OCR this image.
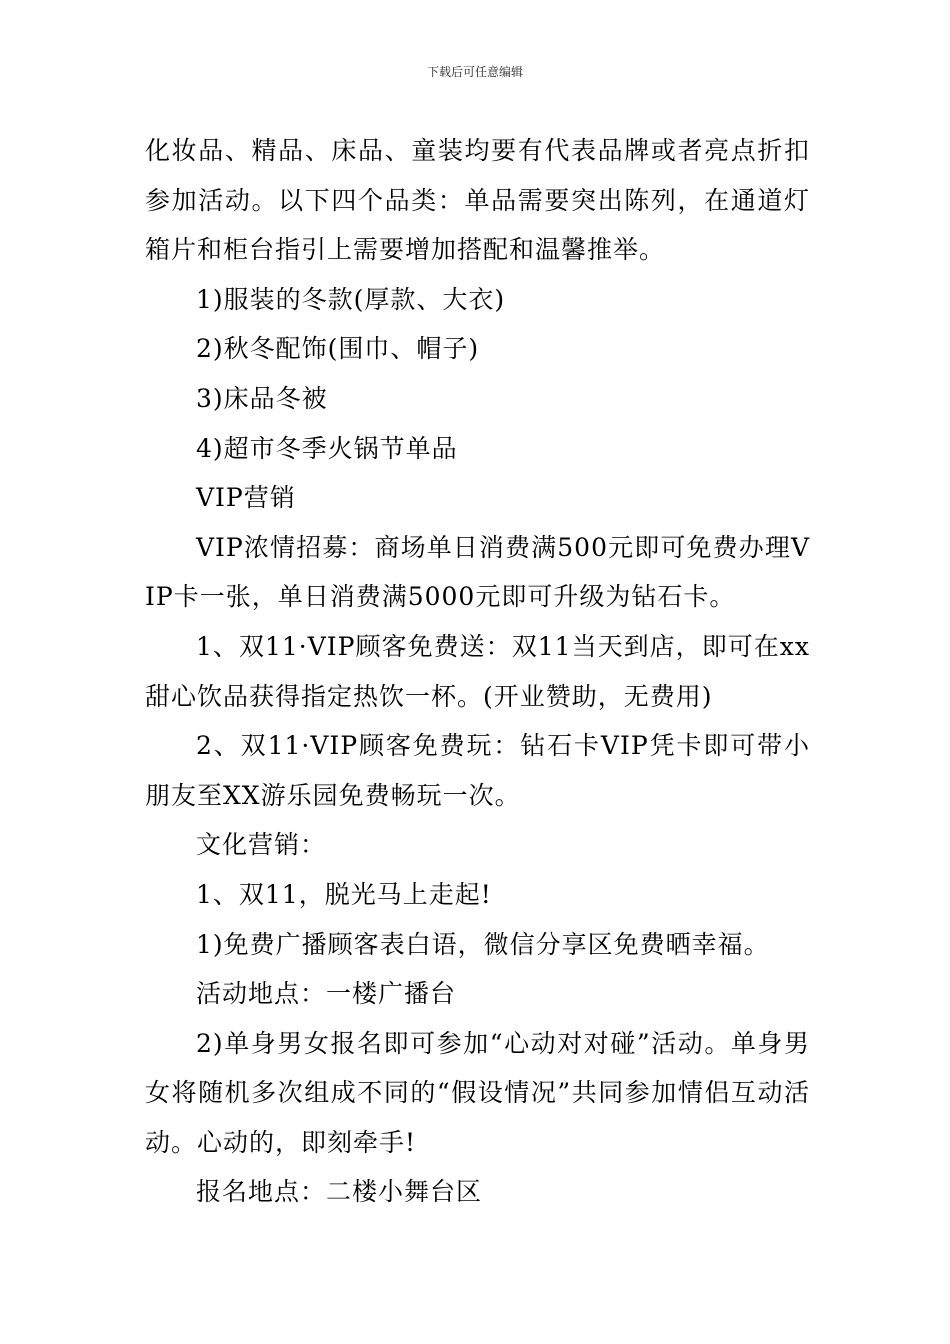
下载后可任意编辑

化妆品、精品、床品、童装均要有代表品牌或者亮点折扣参加活动。以下四个品类：单品需要突出陈列，在通道灯箱片和柜台指引上需要增加搭配和温馨推举。

1)服装的冬款(厚款、大衣)

2)秋冬配饰(围巾、帽子)

3)床品冬被

4)超市冬季火锅节单品

VIP营销

VIP浓情招募：商场单日消费满500元即可免费办理VIP卡一张，单日消费满5000元即可升级为钻石卡。

1、双11·VIP顾客免费送：双11当天到店，即可在xx甜心饮品获得指定热饮一杯。(开业赞助，无费用)

2、双11·VIP顾客免费玩：钻石卡VIP凭卡即可带小朋友至XX游乐园免费畅玩一次。

文化营销：

1、双11，脱光马上走起!

1)免费广播顾客表白语，微信分享区免费晒幸福。

活动地点：一楼广播台

2)单身男女报名即可参加“心动对对碰”活动。单身男女将随机多次组成不同的“假设情况”共同参加情侣互动活动。心动的，即刻牵手!

报名地点：二楼小舞台区
